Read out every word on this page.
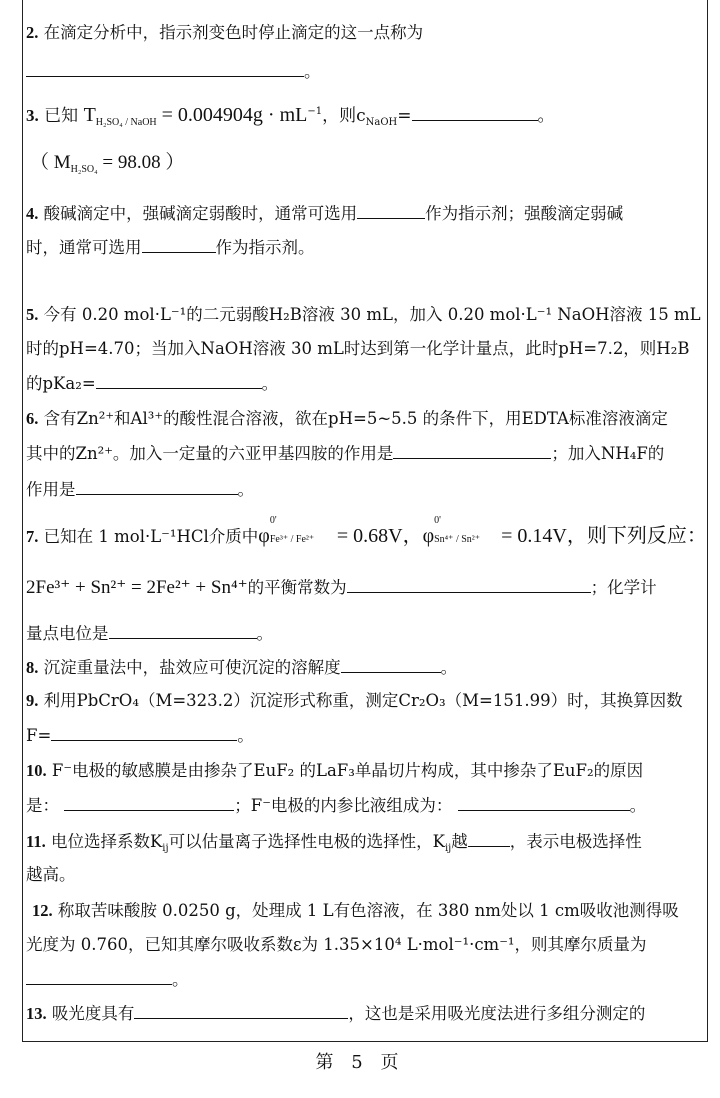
2. 在滴定分析中，指示剂变色时停止滴定的这一点称为
。
3. 已知 $T_{H_2SO_4 / NaOH} = 0.004904g \cdot mL^{-1}$，则$c_{NaOH}=$	。
（ $M_{H_2SO_4} = 98.08$ ）
4. 酸碱滴定中，强碱滴定弱酸时，通常可选用	作为指示剂；强酸滴定弱碱
时，通常可选用	作为指示剂。
5. 今有 0.20 mol·L⁻¹的二元弱酸H₂B溶液 30 mL，加入 0.20 mol·L⁻¹ NaOH溶液 15 mL
时的pH=4.70；当加入NaOH溶液 30 mL时达到第一化学计量点，此时pH=7.2，则H₂B
的pKa₂=	。
6. 含有Zn²⁺和Al³⁺的酸性混合溶液，欲在pH=5~5.5 的条件下，用EDTA标准溶液滴定
其中的Zn²⁺。加入一定量的六亚甲基四胺的作用是	；加入NH₄F的
作用是	。
7. 已知在 1 mol·L⁻¹HCl介质中φ
0'
Fe³⁺ / Fe²⁺ = 0.68V，φ
0'
Sn⁴⁺ / Sn²⁺ = 0.14V，则下列反应：
2Fe³⁺ + Sn²⁺ = 2Fe²⁺ + Sn⁴⁺的平衡常数为	；化学计
量点电位是	。
8. 沉淀重量法中，盐效应可使沉淀的溶解度	。
9. 利用PbCrO₄（M=323.2）沉淀形式称重，测定Cr₂O₃（M=151.99）时，其换算因数
F=	。
10. F⁻电极的敏感膜是由掺杂了EuF₂ 的LaF₃单晶切片构成，其中掺杂了EuF₂的原因
是：	；F⁻电极的内参比液组成为：	。
11. 电位选择系数$K_{ij}$可以估量离子选择性电极的选择性，$K_{ij}$越	，表示电极选择性
越高。
12. 称取苦味酸胺 0.0250 g，处理成 1 L有色溶液，在 380 nm处以 1 cm吸收池测得吸
光度为 0.760，已知其摩尔吸收系数ε为 1.35×10⁴ L·mol⁻¹·cm⁻¹，则其摩尔质量为
。
13. 吸光度具有	，这也是采用吸光度法进行多组分测定的
第 5 页
